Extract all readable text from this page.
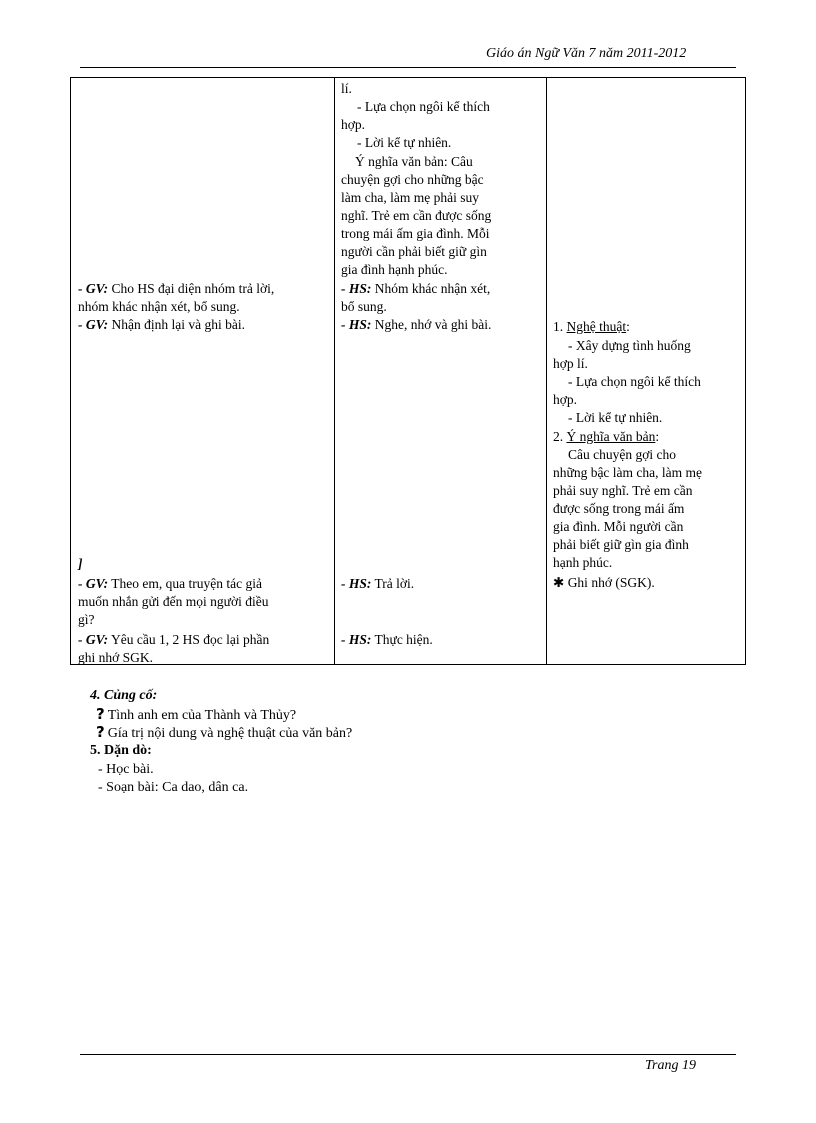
Giáo án Ngữ Văn 7 năm 2011-2012
- GV: Cho HS đại diện nhóm trả lời,
nhóm khác nhận xét, bổ sung.
- GV: Nhận định lại và ghi bài.
]
- GV: Theo em, qua truyện tác giả
muốn nhắn gửi đến mọi người điều
gì?
- GV: Yêu cầu 1, 2 HS đọc lại phần
ghi nhớ SGK.
lí.
- Lựa chọn ngôi kể thích
hợp.
- Lời kể tự nhiên.
Ý nghĩa văn bản: Câu
chuyện gợi cho những bậc
làm cha, làm mẹ phải suy
nghĩ. Trẻ em cần được sống
trong mái ấm gia đình. Mỗi
người cần phải biết giữ gìn
gia đình hạnh phúc.
- HS: Nhóm khác nhận xét,
bổ sung.
- HS: Nghe, nhớ và ghi bài.
- HS: Trả lời.
- HS: Thực hiện.
1. Nghệ thuật:
- Xây dựng tình huống
hợp lí.
- Lựa chọn ngôi kể thích
hợp.
- Lời kể tự nhiên.
2. Ý nghĩa văn bản:
Câu chuyện gợi cho
những bậc làm cha, làm mẹ
phải suy nghĩ. Trẻ em cần
được sống trong mái ấm
gia đình. Mỗi người cần
phải biết giữ gìn gia đình
hạnh phúc.
✱ Ghi nhớ (SGK).
4. Củng cố:
? Tình anh em của Thành và Thủy?
? Gía trị nội dung và nghệ thuật của văn bản?
5. Dặn dò:
- Học bài.
- Soạn bài: Ca dao, dân ca.
Trang 19
